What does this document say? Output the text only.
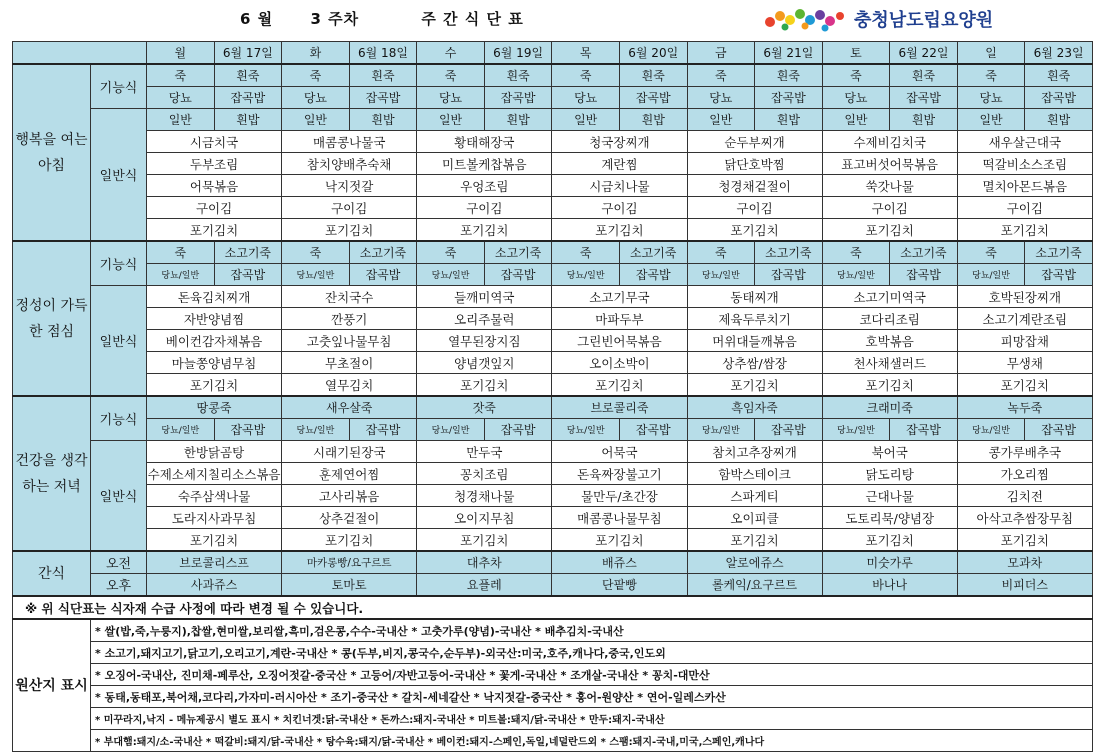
6 월      3 주차          주 간 식 단 표	충청남도립요양원
		월	6월 17일	화	6월 18일	수	6월 19일	목	6월 20일	금	6월 21일	토	6월 22일	일	6월 23일
행복을 여는 아침	기능식	죽	흰죽	죽	흰죽	죽	흰죽	죽	흰죽	죽	흰죽	죽	흰죽	죽	흰죽
		당뇨	잡곡밥	당뇨	잡곡밥	당뇨	잡곡밥	당뇨	잡곡밥	당뇨	잡곡밥	당뇨	잡곡밥	당뇨	잡곡밥
	일반식	일반	흰밥	일반	흰밥	일반	흰밥	일반	흰밥	일반	흰밥	일반	흰밥	일반	흰밥
		시금치국		매콤콩나물국		황태해장국		청국장찌개		순두부찌개		수제비김치국		새우살근대국	
		두부조림		참치양배추숙채		미트볼케찹볶음		계란찜		닭단호박찜		표고버섯어묵볶음		떡갈비소스조림	
		어묵볶음		낙지젓갈		우엉조림		시금치나물		청경채겉절이		쑥갓나물		멸치아몬드볶음	
		구이김		구이김		구이김		구이김		구이김		구이김		구이김	
		포기김치		포기김치		포기김치		포기김치		포기김치		포기김치		포기김치	
정성이 가득한 점심	기능식	죽	소고기죽	죽	소고기죽	죽	소고기죽	죽	소고기죽	죽	소고기죽	죽	소고기죽	죽	소고기죽
		당뇨/일반	잡곡밥	당뇨/일반	잡곡밥	당뇨/일반	잡곡밥	당뇨/일반	잡곡밥	당뇨/일반	잡곡밥	당뇨/일반	잡곡밥	당뇨/일반	잡곡밥
	일반식	돈육김치찌개		잔치국수		들깨미역국		소고기무국		동태찌개		소고기미역국		호박된장찌개	
		자반양념찜		깐풍기		오리주물럭		마파두부		제육두루치기		코다리조림		소고기계란조림	
		베이컨감자채볶음		고춧잎나물무침		열무된장지짐		그린빈어묵볶음		머위대들깨볶음		호박볶음		피망잡채	
		마늘쫑양념무침		무초절이		양념갯잎지		오이소박이		상추쌈/쌈장		천사채샐러드		무생채	
		포기김치		열무김치		포기김치		포기김치		포기김치		포기김치		포기김치	
건강을 생각하는 저녁	기능식	땅콩죽		새우살죽		잣죽		브로콜리죽		흑임자죽		크래미죽		녹두죽	
		당뇨/일반	잡곡밥	당뇨/일반	잡곡밥	당뇨/일반	잡곡밥	당뇨/일반	잡곡밥	당뇨/일반	잡곡밥	당뇨/일반	잡곡밥	당뇨/일반	잡곡밥
	일반식	한방닭곰탕		시래기된장국		만두국		어묵국		참치고추장찌개		북어국		콩가루배추국	
		수제소세지칠리소스볶음		훈제연어찜		꽁치조림		돈육짜장불고기		함박스테이크		닭도리탕		가오리찜	
		숙주삼색나물		고사리볶음		청경채나물		물만두/초간장		스파게티		근대나물		김치전	
		도라지사과무침		상추겉절이		오이지무침		매콤콩나물무침		오이피클		도토리묵/양념장		아삭고추쌈장무침	
		포기김치		포기김치		포기김치		포기김치		포기김치		포기김치		포기김치	
간식	오전	브로콜리스프		마카롱빵/요구르트		대추차		배쥬스		알로에쥬스		미숫가루		모과차	
	오후	사과쥬스		토마토		요플레		단팥빵		롤케익/요구르트		바나나		비피더스	
※ 위 식단표는 식자재 수급 사정에 따라 변경 될 수 있습니다.															
원산지 표시	* 쌀(밥,죽,누룽지),찹쌀,현미쌀,보리쌀,흑미,검은콩,수수-국내산 * 고춧가루(양념)-국내산 * 배추김치-국내산														
	* 소고기,돼지고기,닭고기,오리고기,계란-국내산 * 콩(두부,비지,콩국수,순두부)-외국산:미국,호주,캐나다,중국,인도외														
	* 오징어-국내산, 진미채-페루산, 오징어젓갈-중국산 * 고등어/자반고등어-국내산 * 꽃게-국내산 * 조개살-국내산 * 꽁치-대만산														
	* 동태,동태포,북어채,코다리,가자미-러시아산 * 조기-중국산 * 갈치-세네갈산 * 낙지젓갈-중국산 * 홍어-원양산 * 연어-일레스카산														
	* 미꾸라지,낙지 - 메뉴제공시 별도 표시 * 치킨너겟:닭-국내산 * 돈까스:돼지-국내산 * 미트볼:돼지/닭-국내산 * 만두:돼지-국내산														
	* 부대햄:돼지/소-국내산 * 떡갈비:돼지/닭-국내산 * 탕수육:돼지/닭-국내산 * 베이컨:돼지-스페인,독일,네덜란드외 * 스팸:돼지-국내,미국,스페인,캐나다														
